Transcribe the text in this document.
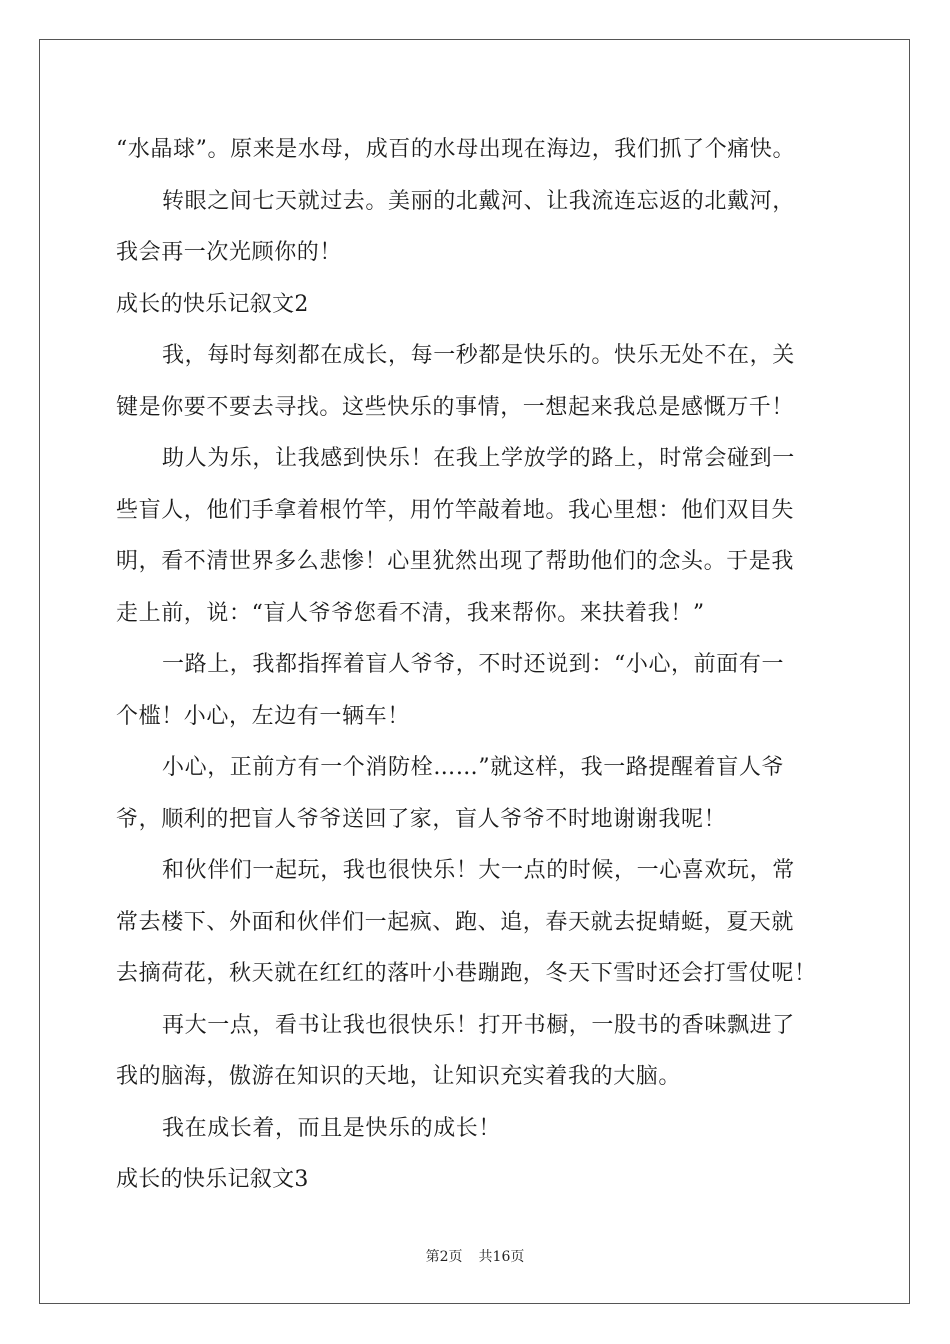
“水晶球”。原来是水母，成百的水母出现在海边，我们抓了个痛快。
转眼之间七天就过去。美丽的北戴河、让我流连忘返的北戴河，
我会再一次光顾你的！
成长的快乐记叙文2
我，每时每刻都在成长，每一秒都是快乐的。快乐无处不在，关
键是你要不要去寻找。这些快乐的事情，一想起来我总是感慨万千！
助人为乐，让我感到快乐！在我上学放学的路上，时常会碰到一
些盲人，他们手拿着根竹竿，用竹竿敲着地。我心里想：他们双目失
明，看不清世界多么悲惨！心里犹然出现了帮助他们的念头。于是我
走上前，说：“盲人爷爷您看不清，我来帮你。来扶着我！”
一路上，我都指挥着盲人爷爷，不时还说到：“小心，前面有一
个槛！小心，左边有一辆车！
小心，正前方有一个消防栓……”就这样，我一路提醒着盲人爷
爷，顺利的把盲人爷爷送回了家，盲人爷爷不时地谢谢我呢！
和伙伴们一起玩，我也很快乐！大一点的时候，一心喜欢玩，常
常去楼下、外面和伙伴们一起疯、跑、追，春天就去捉蜻蜓，夏天就
去摘荷花，秋天就在红红的落叶小巷蹦跑，冬天下雪时还会打雪仗呢！
再大一点，看书让我也很快乐！打开书橱，一股书的香味飘进了
我的脑海，傲游在知识的天地，让知识充实着我的大脑。
我在成长着，而且是快乐的成长！
成长的快乐记叙文3
第2页 共16页
